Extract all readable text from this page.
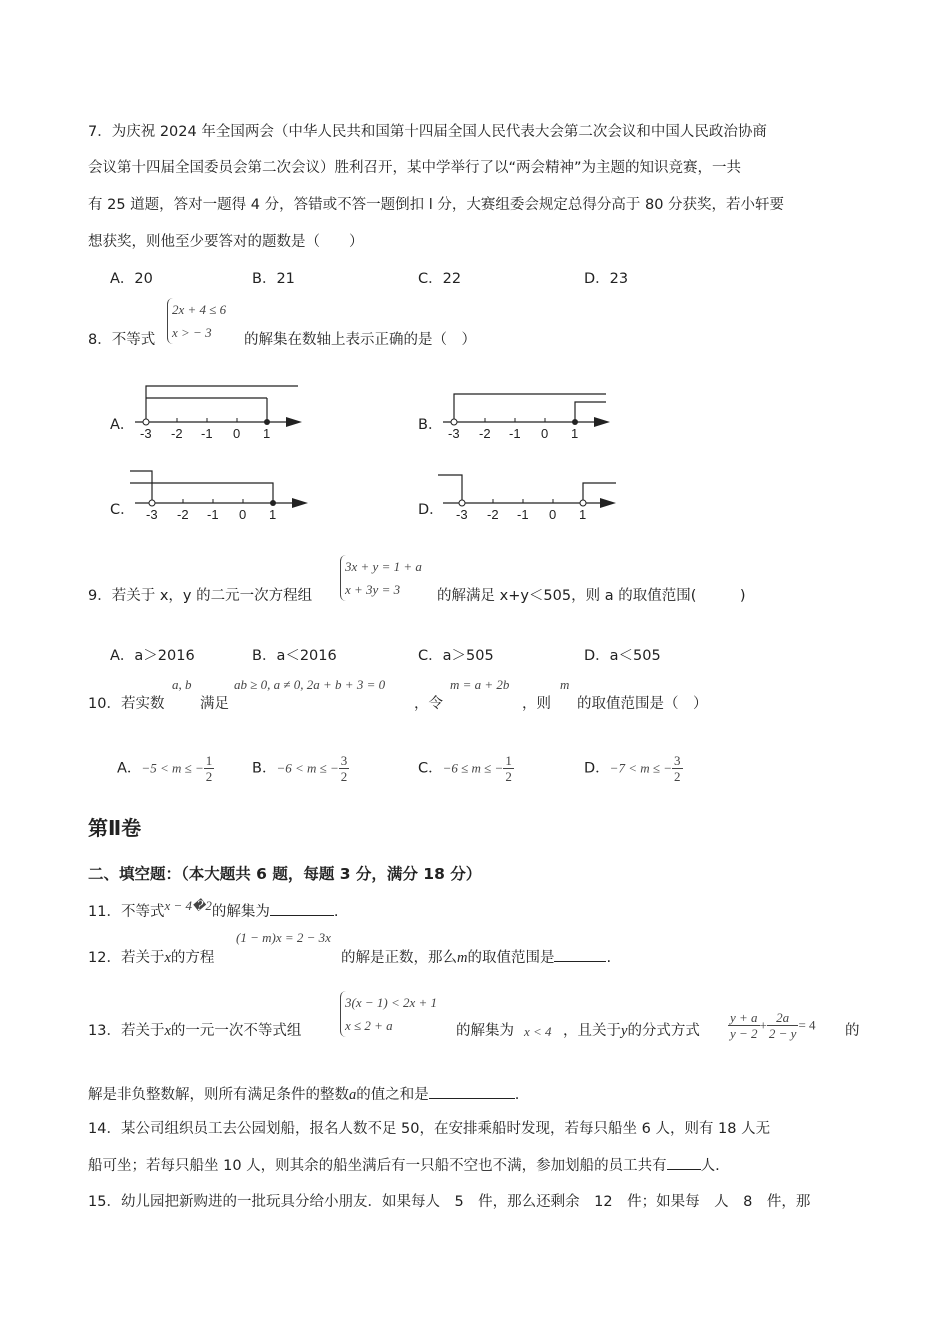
7．为庆祝 2024 年全国两会（中华人民共和国第十四届全国人民代表大会第二次会议和中国人民政治协商
会议第十四届全国委员会第二次会议）胜利召开，某中学举行了以“两会精神”为主题的知识竞赛，一共
有 25 道题，答对一题得 4 分，答错或不答一题倒扣 l 分，大赛组委会规定总得分高于 80 分获奖，若小轩要
想获奖，则他至少要答对的题数是（　　）
A．20	B．21	C．22	D．23
8．不等式
2x + 4 ≤ 6
x > − 3	的解集在数轴上表示正确的是（　）
A．
-3 -2 -1 0 1
B．
-3 -2 -1 0 1
C． -3 -2 -1 0 1	D． -3 -2 -1 0 1
9．若关于 x，y 的二元一次方程组
3x + y = 1 + a
x + 3y = 3	的解满足 x+y＜505，则 a 的取值范围(　　　)
A．a＞2016	B．a＜2016	C．a＞505	D．a＜505
10．若实数
a, b
满足
ab ≥ 0, a ≠ 0, 2a + b + 3 = 0
，令
m = a + 2b
，则
m
的取值范围是（　）
A．−5 < m ≤ − $\frac{1}{2}$	B．−6 < m ≤ − $\frac{3}{2}$	C．−6 ≤ m ≤ − $\frac{1}{2}$	D．−7 < m ≤ − $\frac{3}{2}$
第Ⅱ卷
二、填空题：（本大题共 6 题，每题 3 分，满分 18 分）
11．不等式x − 4�2的解集为	.
12．若关于x的方程
(1 − m)x = 2 − 3x
的解是正数，那么m的取值范围是	.
13．若关于x的一元一次不等式组
3(x − 1) < 2x + 1
x ≤ 2 + a	的解集为 x < 4 ，且关于y的分式方式 $\frac{y + a}{y - 2} + \frac{2a}{2 - y} = 4$ 的
解是非负整数解，则所有满足条件的整数a的值之和是	.
14．某公司组织员工去公园划船，报名人数不足 50，在安排乘船时发现，若每只船坐 6 人，则有 18 人无
船可坐；若每只船坐 10 人，则其余的船坐满后有一只船不空也不满，参加划船的员工共有 人.
15．幼儿园把新购进的一批玩具分给小朋友．如果每人　5　件，那么还剩余　12　件；如果每　人　8　件，那
